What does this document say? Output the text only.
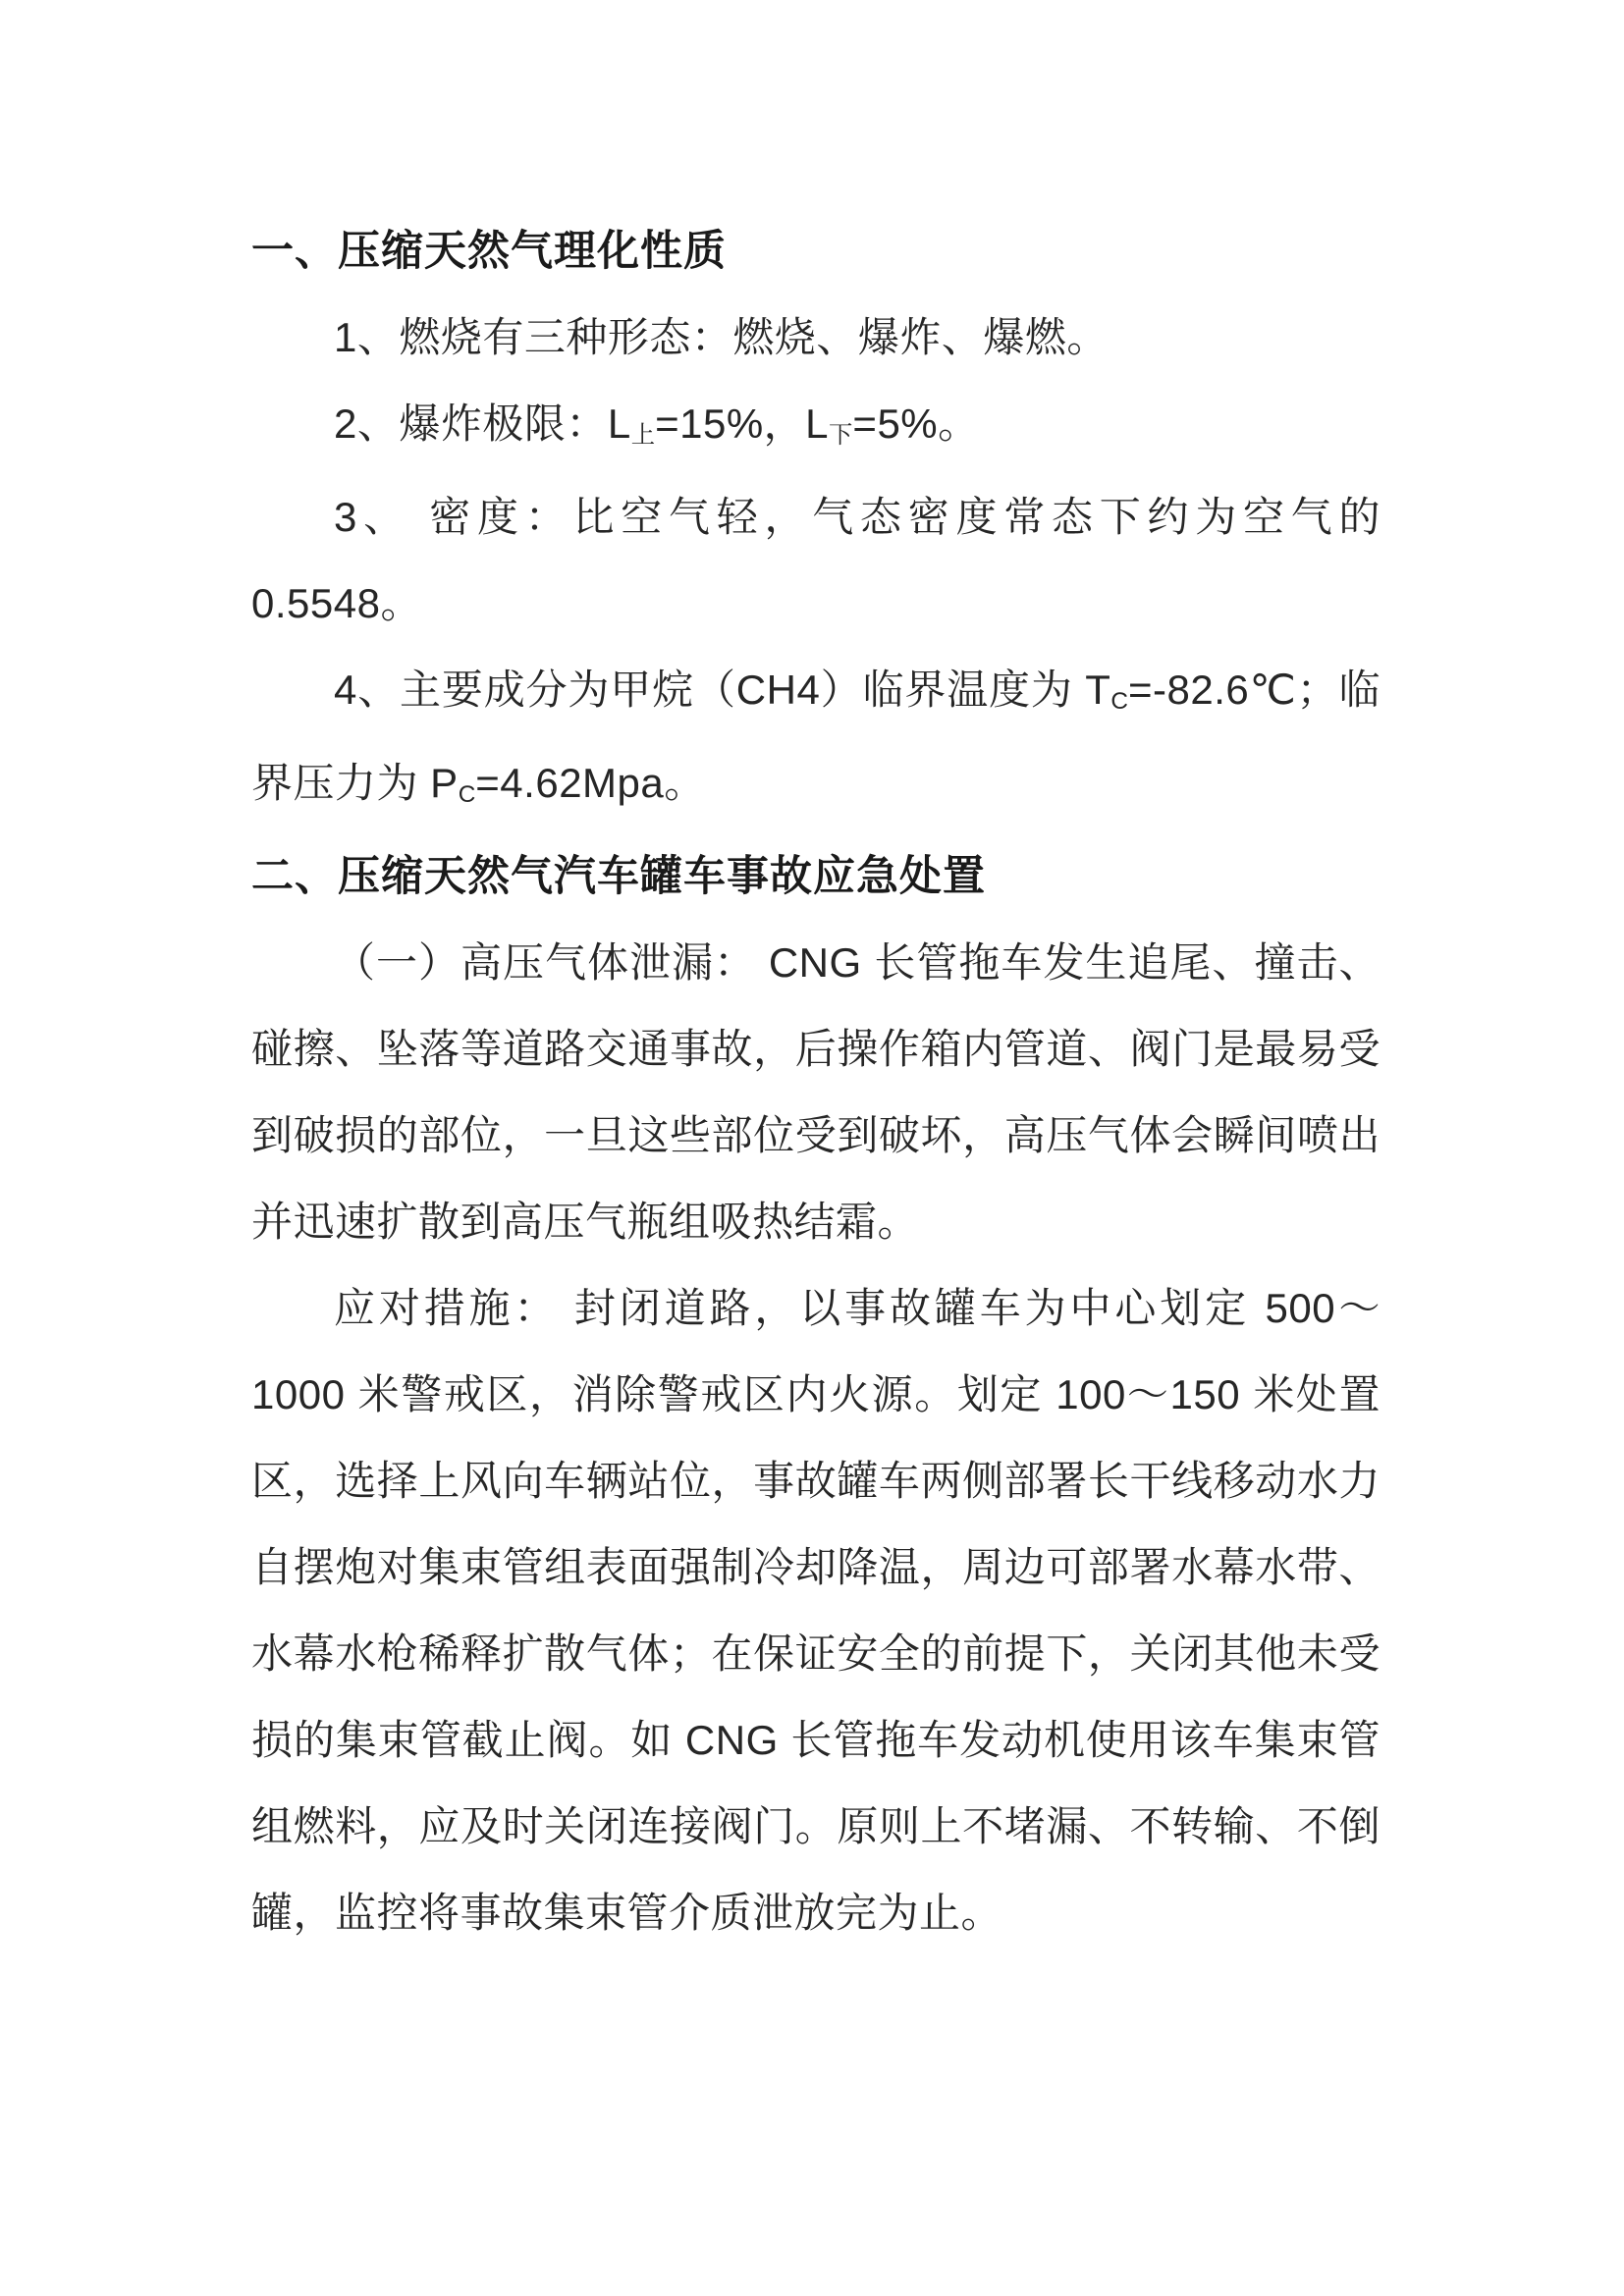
一、压缩天然气理化性质

1、燃烧有三种形态：燃烧、爆炸、爆燃。

2、爆炸极限：$L_上=15\%$，$L_下=5\%$。

3、 密度：比空气轻，气态密度常态下约为空气的 0.5548。

4、主要成分为甲烷（CH4）临界温度为 $T_C=-82.6℃$；临界压力为 $P_C=4.62Mpa$。

二、压缩天然气汽车罐车事故应急处置

（一）高压气体泄漏： CNG 长管拖车发生追尾、撞击、碰擦、坠落等道路交通事故，后操作箱内管道、阀门是最易受到破损的部位，一旦这些部位受到破坏，高压气体会瞬间喷出并迅速扩散到高压气瓶组吸热结霜。

应对措施： 封闭道路，以事故罐车为中心划定 500～1000 米警戒区，消除警戒区内火源。划定 100～150 米处置区，选择上风向车辆站位，事故罐车两侧部署长干线移动水力自摆炮对集束管组表面强制冷却降温，周边可部署水幕水带、水幕水枪稀释扩散气体；在保证安全的前提下，关闭其他未受损的集束管截止阀。如 CNG 长管拖车发动机使用该车集束管组燃料，应及时关闭连接阀门。原则上不堵漏、不转输、不倒罐，监控将事故集束管介质泄放完为止。
